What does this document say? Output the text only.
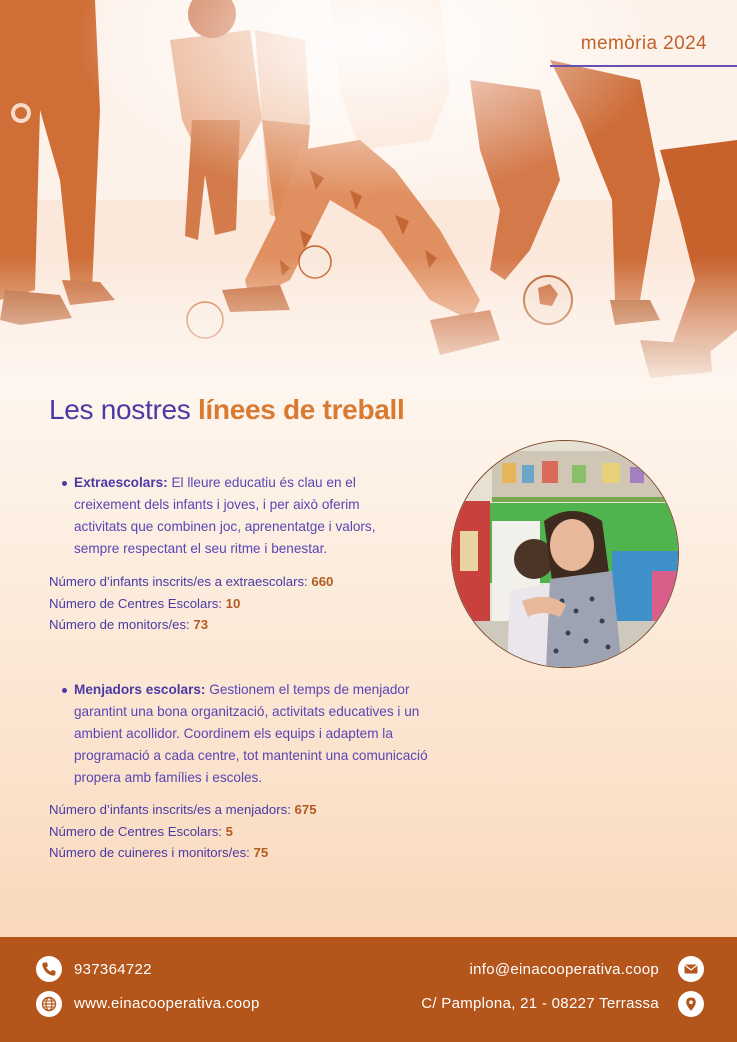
memòria 2024
Les nostres línees de treball
Extraescolars: El lleure educatiu és clau en el creixement dels infants i joves, i per això oferim activitats que combinen joc, aprenentatge i valors, sempre respectant el seu ritme i benestar.
Número d’infants inscrits/es a extraescolars: 660
Número de Centres Escolars: 10
Número de monitors/es: 73
Menjadors escolars: Gestionem el temps de menjador garantint una bona organització, activitats educatives i un ambient acollidor. Coordinem els equips i adaptem la programació a cada centre, tot mantenint una comunicació propera amb famílies i escoles.
Número d’infants inscrits/es a menjadors: 675
Número de Centres Escolars: 5
Número de cuineres i monitors/es: 75
937364722
www.einacooperativa.coop
info@einacooperativa.coop
C/ Pamplona, 21 - 08227 Terrassa
